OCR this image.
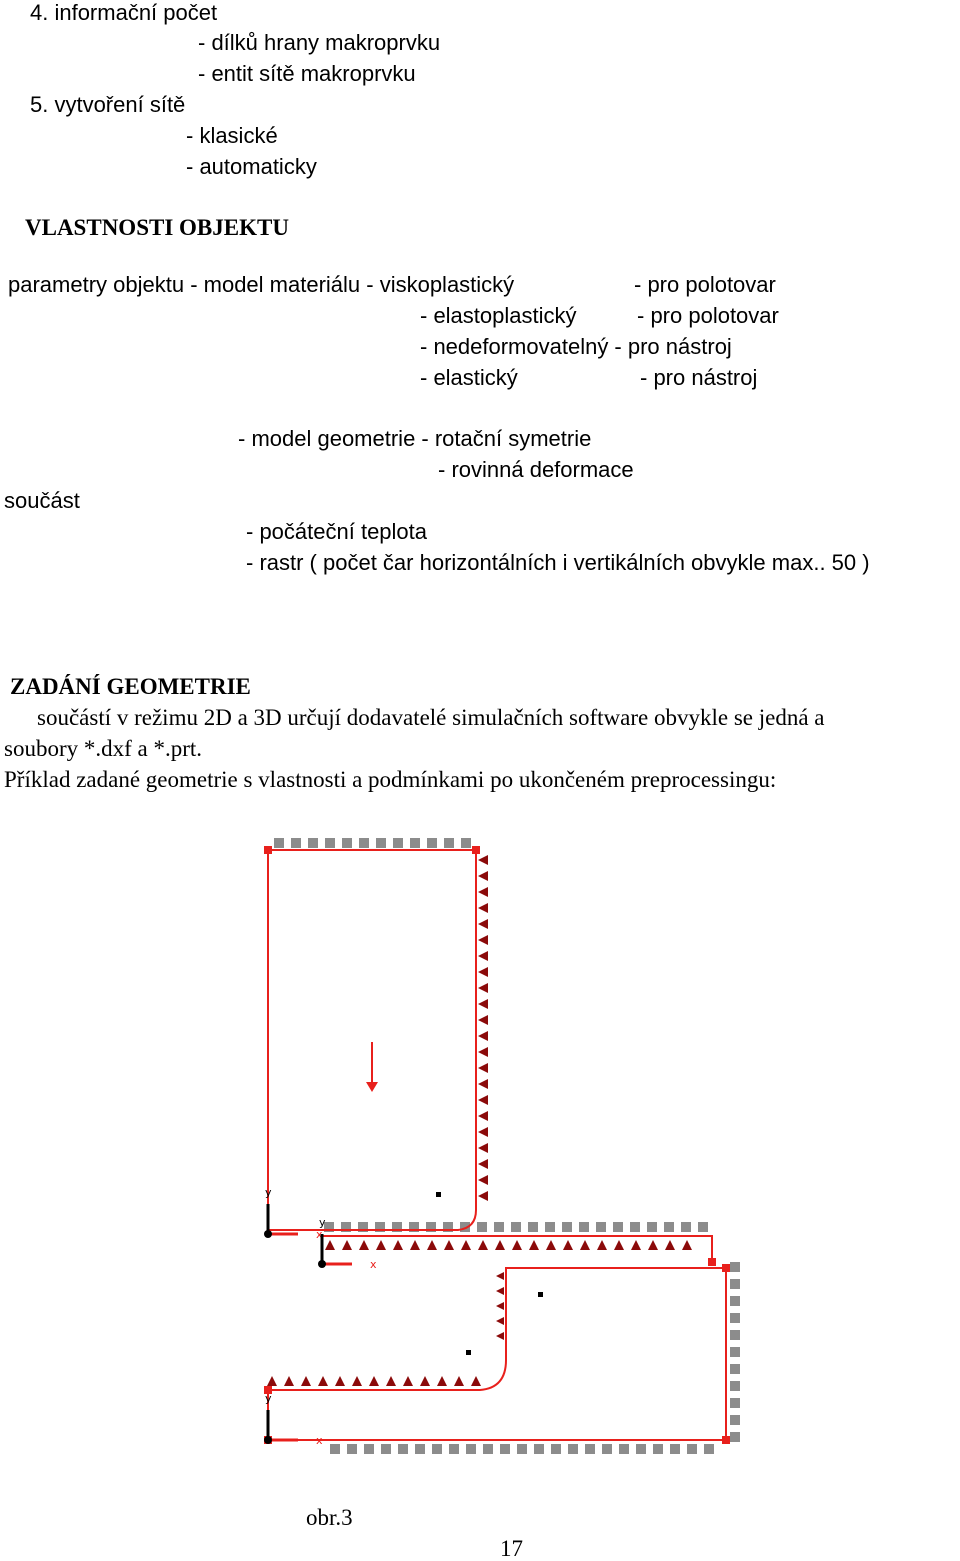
4. informační počet
- dílků hrany makroprvku
- entit sítě makroprvku
5. vytvoření sítě
- klasické
- automaticky
VLASTNOSTI OBJEKTU
parametry objektu - model materiálu - viskoplastický	- pro polotovar
- elastoplastický	- pro polotovar
- nedeformovatelný - pro nástroj
- elastický	- pro nástroj
- model geometrie - rotační symetrie
- rovinná deformace
součást
- počáteční teplota
- rastr ( počet čar horizontálních i vertikálních obvykle max.. 50 )
ZADÁNÍ GEOMETRIE
součástí v režimu 2D a 3D určují dodavatelé simulačních software obvykle se jedná a
soubory *.dxf a *.prt.
Příklad zadané geometrie s vlastnosti a podmínkami po ukončeném preprocessingu:
y
x
y
x
y
x
obr.3
17
